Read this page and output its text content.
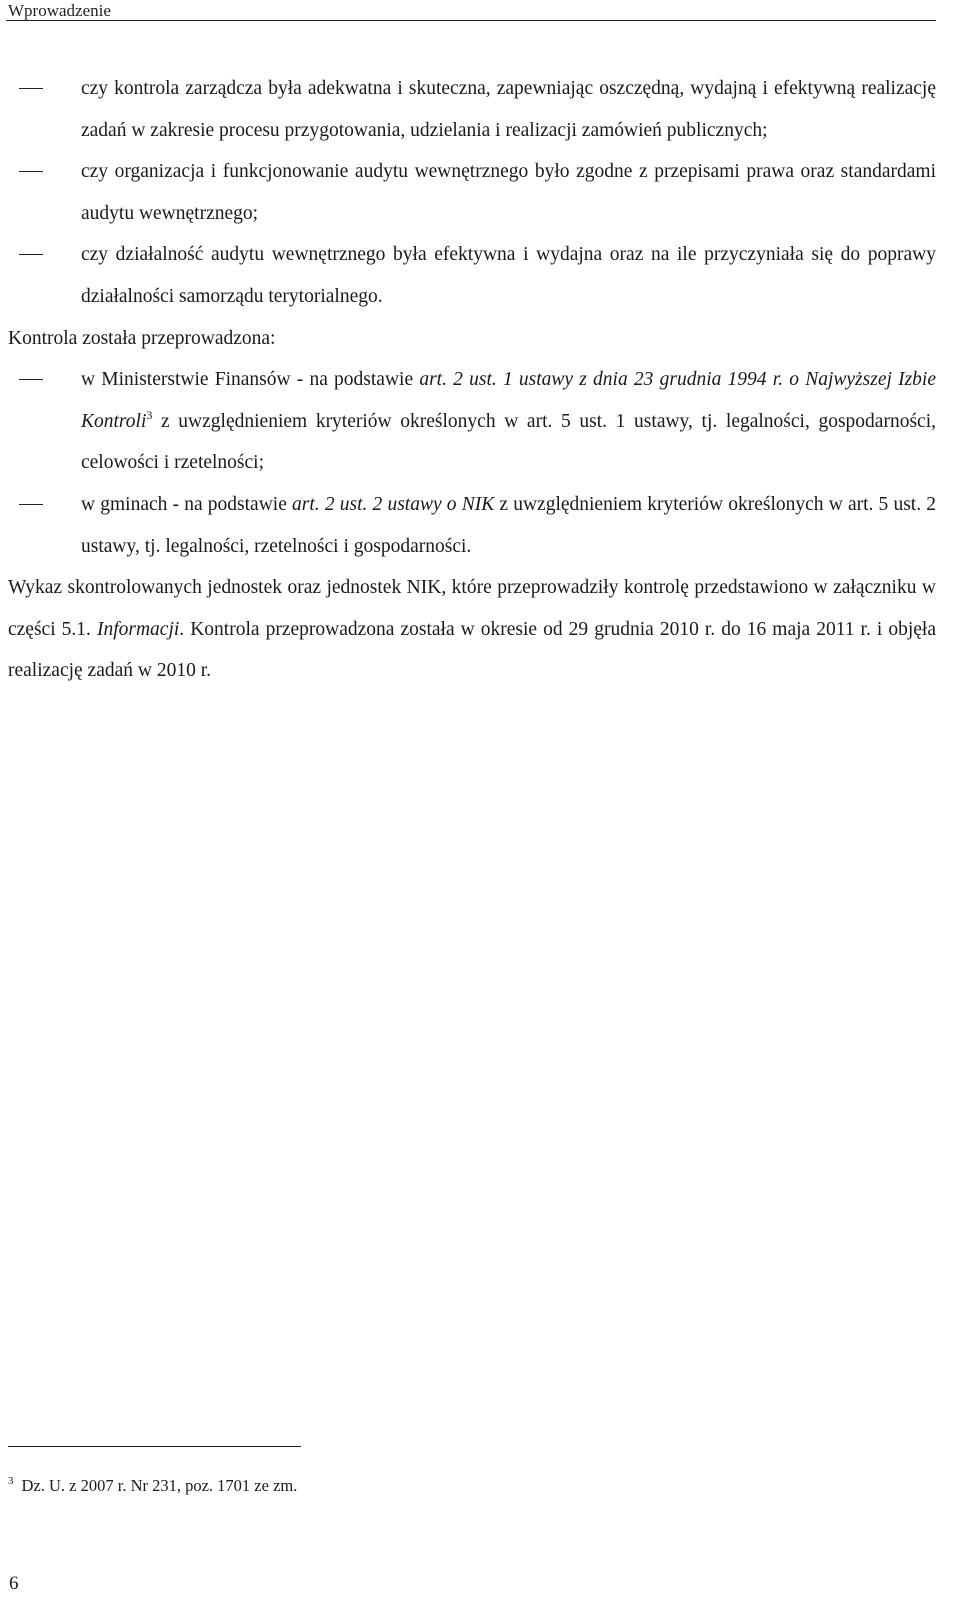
Wprowadzenie
czy kontrola zarządcza była adekwatna i skuteczna, zapewniając oszczędną, wydajną i efektywną realizację zadań w zakresie procesu przygotowania, udzielania i realizacji zamówień publicznych;
czy organizacja i funkcjonowanie audytu wewnętrznego było zgodne z przepisami prawa oraz standardami audytu wewnętrznego;
czy działalność audytu wewnętrznego była efektywna i wydajna oraz na ile przyczyniała się do poprawy działalności samorządu terytorialnego.

Kontrola została przeprowadzona:

w Ministerstwie Finansów - na podstawie art. 2 ust. 1 ustawy z dnia 23 grudnia 1994 r. o Najwyższej Izbie Kontroli$^3$ z uwzględnieniem kryteriów określonych w art. 5 ust. 1 ustawy, tj. legalności, gospodarności, celowości i rzetelności;
w gminach - na podstawie art. 2 ust. 2 ustawy o NIK z uwzględnieniem kryteriów określonych w art. 5 ust. 2 ustawy, tj. legalności, rzetelności i gospodarności.

Wykaz skontrolowanych jednostek oraz jednostek NIK, które przeprowadziły kontrolę przedstawiono w załączniku w części 5.1. Informacji. Kontrola przeprowadzona została w okresie od 29 grudnia 2010 r. do 16 maja 2011 r. i objęła realizację zadań w 2010 r.

$^3$ Dz. U. z 2007 r. Nr 231, poz. 1701 ze zm.
6
